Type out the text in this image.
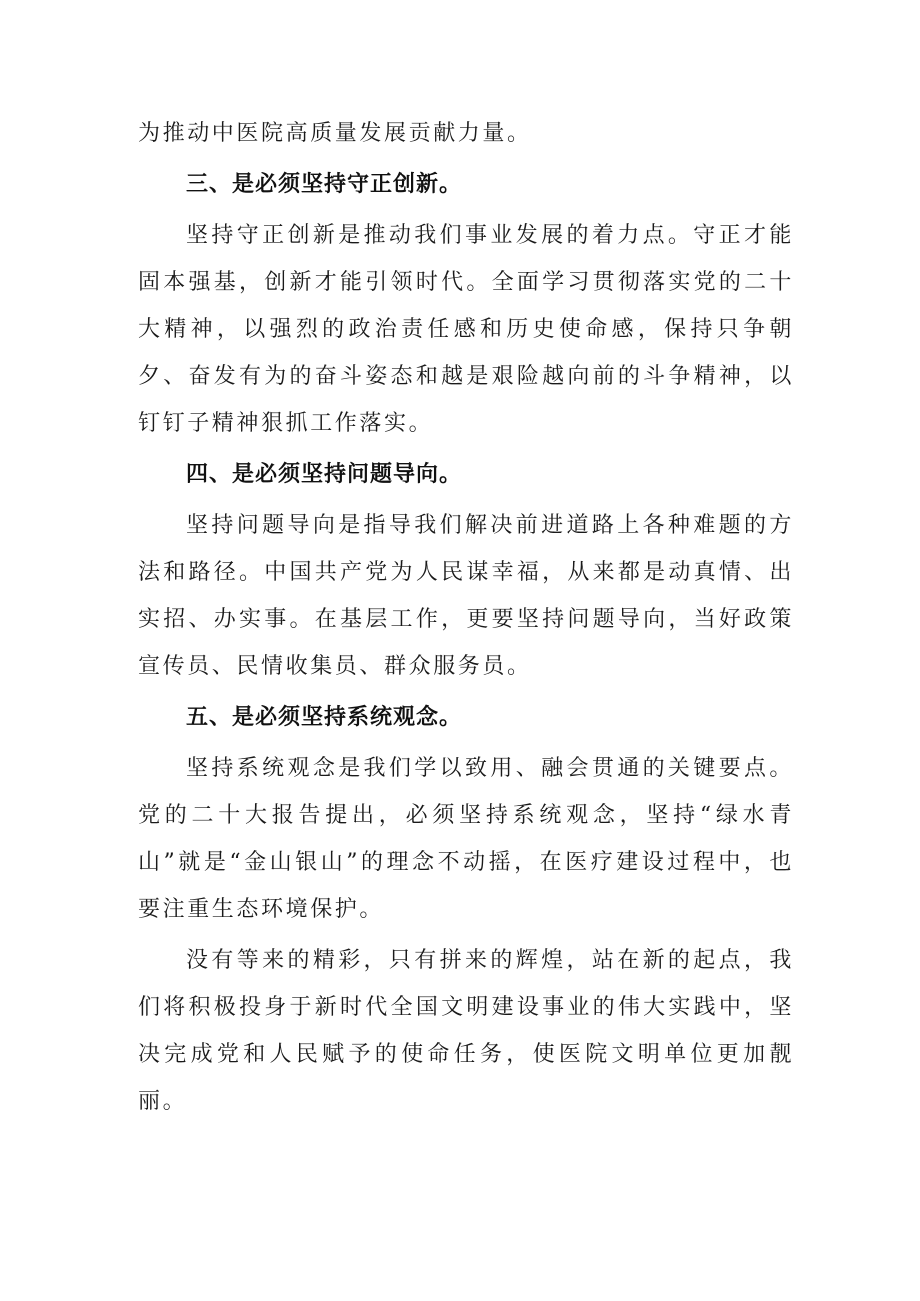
为推动中医院高质量发展贡献力量。

三、是必须坚持守正创新。

坚持守正创新是推动我们事业发展的着力点。守正才能固本强基，创新才能引领时代。全面学习贯彻落实党的二十大精神，以强烈的政治责任感和历史使命感，保持只争朝夕、奋发有为的奋斗姿态和越是艰险越向前的斗争精神，以钉钉子精神狠抓工作落实。

四、是必须坚持问题导向。

坚持问题导向是指导我们解决前进道路上各种难题的方法和路径。中国共产党为人民谋幸福，从来都是动真情、出实招、办实事。在基层工作，更要坚持问题导向，当好政策宣传员、民情收集员、群众服务员。

五、是必须坚持系统观念。

坚持系统观念是我们学以致用、融会贯通的关键要点。党的二十大报告提出，必须坚持系统观念，坚持“绿水青山”就是“金山银山”的理念不动摇，在医疗建设过程中，也要注重生态环境保护。

没有等来的精彩，只有拼来的辉煌，站在新的起点，我们将积极投身于新时代全国文明建设事业的伟大实践中，坚决完成党和人民赋予的使命任务，使医院文明单位更加靓丽。
